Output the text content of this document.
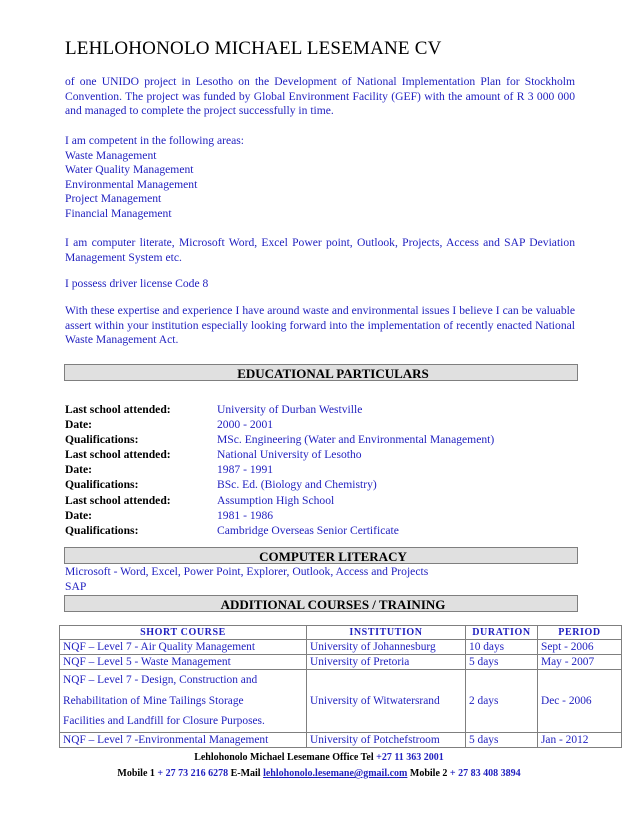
LEHLOHONOLO MICHAEL LESEMANE CV
of one UNIDO project in Lesotho on the Development of National Implementation Plan for Stockholm Convention. The project was funded by Global Environment Facility (GEF) with the amount of R 3 000 000 and managed to complete the project successfully in time.
I am competent in the following areas:
Waste Management
Water Quality Management
Environmental Management
Project Management
Financial Management
I am computer literate, Microsoft Word, Excel Power point, Outlook, Projects, Access and SAP Deviation Management System etc.
I possess driver license Code 8
With these expertise and experience I have around waste and environmental issues I believe I can be valuable assert within your institution especially looking forward into the implementation of recently enacted National Waste Management Act.
EDUCATIONAL PARTICULARS
Last school attended:	University of Durban Westville
Date:	2000 - 2001
Qualifications:	MSc. Engineering (Water and Environmental Management)
Last school attended:	National University of Lesotho
Date:	1987 - 1991
Qualifications:	BSc. Ed. (Biology and Chemistry)
Last school attended:	Assumption High School
Date:	1981 - 1986
Qualifications:	Cambridge Overseas Senior Certificate
COMPUTER LITERACY
Microsoft - Word, Excel, Power Point, Explorer, Outlook, Access and Projects
SAP
ADDITIONAL COURSES / TRAINING
SHORT COURSE	INSTITUTION	DURATION	PERIOD
NQF – Level 7 - Air Quality Management	University of Johannesburg	10 days	Sept - 2006
NQF – Level 5 - Waste Management	University of Pretoria	5 days	May - 2007

NQF – Level 7 - Design, Construction and
Rehabilitation of Mine Tailings Storage
Facilities and Landfill for Closure Purposes.	University of Witwatersrand	2 days	Dec - 2006
NQF – Level 7 -Environmental Management	University of Potchefstroom	5 days	Jan - 2012
Lehlohonolo Michael Lesemane Office Tel +27 11 363 2001
Mobile 1 + 27 73 216 6278 E-Mail lehlohonolo.lesemane@gmail.com Mobile 2 + 27 83 408 3894
